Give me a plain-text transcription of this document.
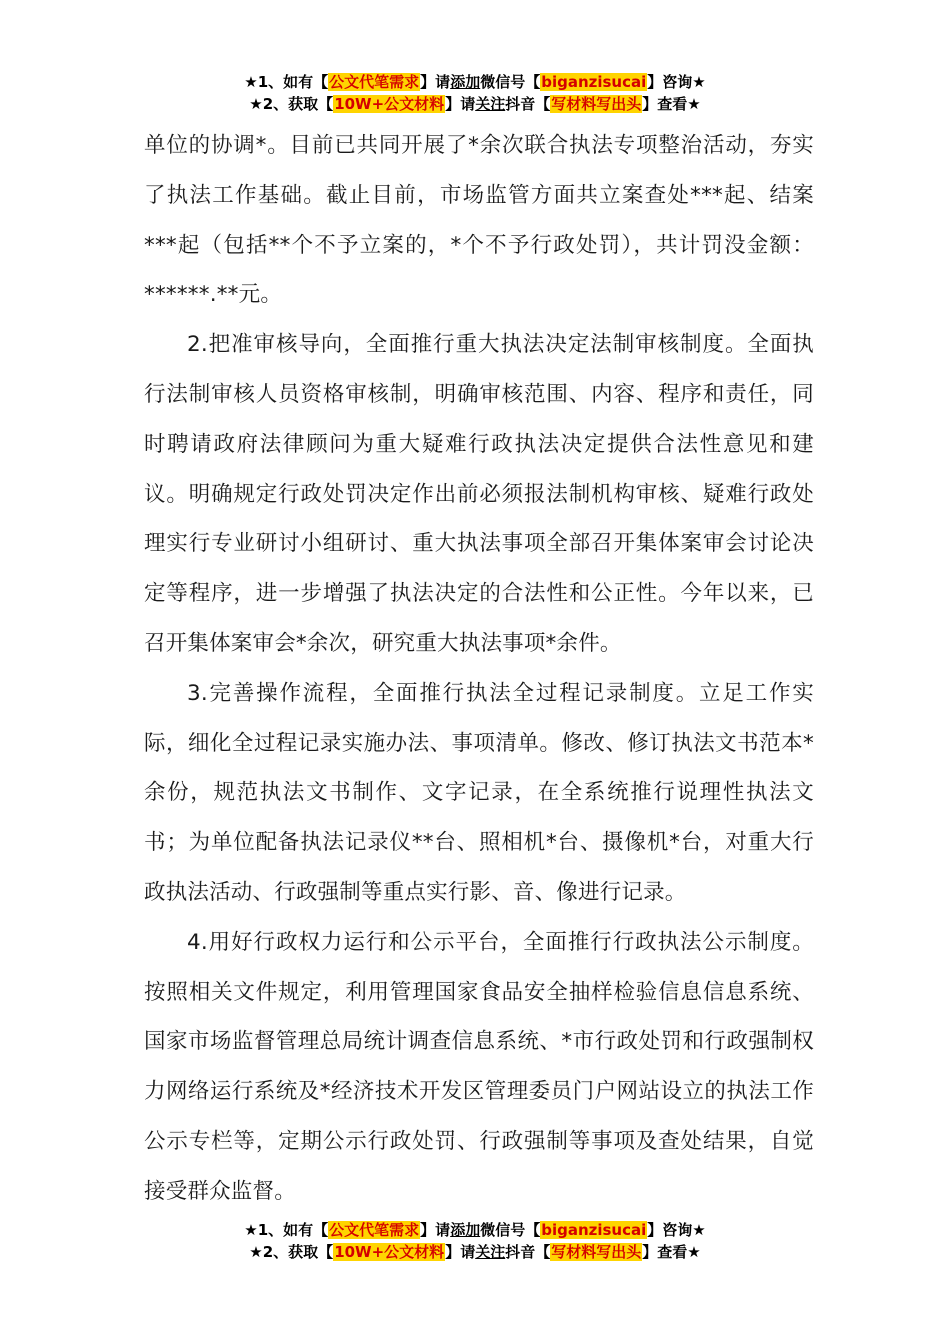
★1、如有【公文代笔需求】请添加微信号【biganzisucai】咨询★
★2、获取【10W+公文材料】请关注抖音【写材料写出头】查看★

单位的协调*。目前已共同开展了*余次联合执法专项整治活动，夯实了执法工作基础。截止目前，市场监管方面共立案查处***起、结案***起（包括**个不予立案的，*个不予行政处罚），共计罚没金额：******.**元。

2.把准审核导向，全面推行重大执法决定法制审核制度。全面执行法制审核人员资格审核制，明确审核范围、内容、程序和责任，同时聘请政府法律顾问为重大疑难行政执法决定提供合法性意见和建议。明确规定行政处罚决定作出前必须报法制机构审核、疑难行政处理实行专业研讨小组研讨、重大执法事项全部召开集体案审会讨论决定等程序，进一步增强了执法决定的合法性和公正性。今年以来，已召开集体案审会*余次，研究重大执法事项*余件。

3.完善操作流程，全面推行执法全过程记录制度。立足工作实际，细化全过程记录实施办法、事项清单。修改、修订执法文书范本*余份，规范执法文书制作、文字记录，在全系统推行说理性执法文书；为单位配备执法记录仪**台、照相机*台、摄像机*台，对重大行政执法活动、行政强制等重点实行影、音、像进行记录。

4.用好行政权力运行和公示平台，全面推行行政执法公示制度。按照相关文件规定，利用管理国家食品安全抽样检验信息信息系统、国家市场监督管理总局统计调查信息系统、*市行政处罚和行政强制权力网络运行系统及*经济技术开发区管理委员门户网站设立的执法工作公示专栏等，定期公示行政处罚、行政强制等事项及查处结果，自觉接受群众监督。

★1、如有【公文代笔需求】请添加微信号【biganzisucai】咨询★
★2、获取【10W+公文材料】请关注抖音【写材料写出头】查看★
